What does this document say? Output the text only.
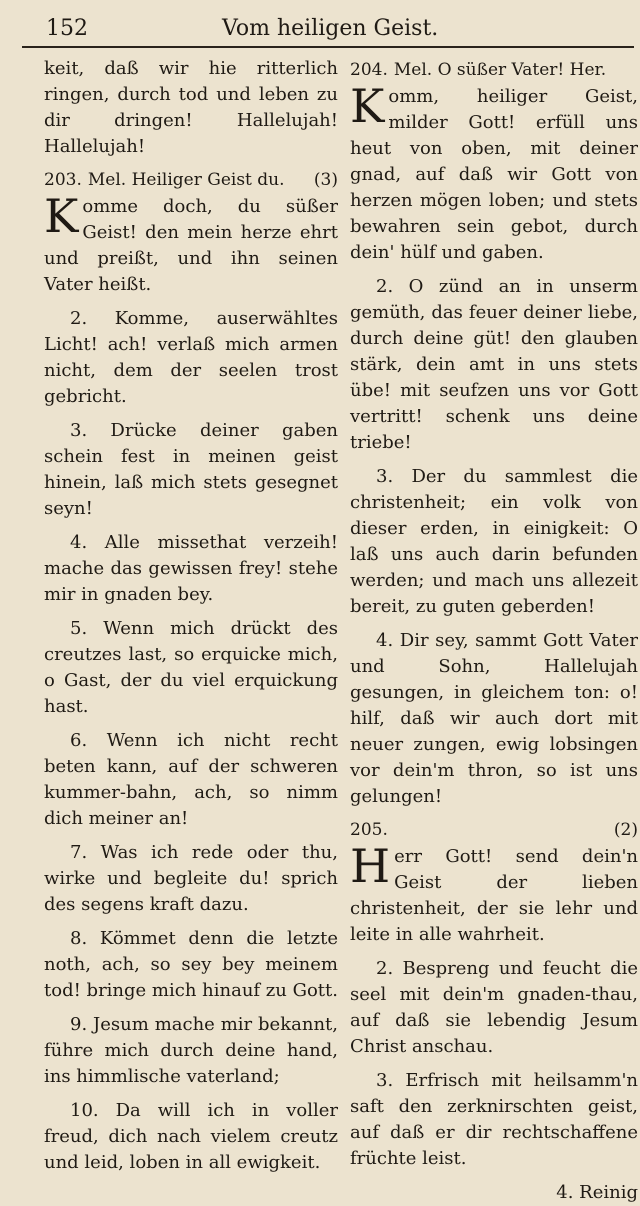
152	Vom heiligen Geist.

keit, daß wir hie ritterlich ringen, durch tod und leben zu dir dringen! Hallelujah! Hallelujah!

203. Mel. Heiliger Geist du. (3)

Komme doch, du süßer Geist! den mein herze ehrt und preißt, und ihn seinen Vater heißt.

2. Komme, auserwähltes Licht! ach! verlaß mich armen nicht, dem der seelen trost gebricht.

3. Drücke deiner gaben schein fest in meinen geist hinein, laß mich stets gesegnet seyn!

4. Alle missethat verzeih! mache das gewissen frey! stehe mir in gnaden bey.

5. Wenn mich drückt des creutzes last, so erquicke mich, o Gast, der du viel erquickung hast.

6. Wenn ich nicht recht beten kann, auf der schweren kummer-bahn, ach, so nimm dich meiner an!

7. Was ich rede oder thu, wirke und begleite du! sprich des segens kraft dazu.

8. Kömmet denn die letzte noth, ach, so sey bey meinem tod! bringe mich hinauf zu Gott.

9. Jesum mache mir bekannt, führe mich durch deine hand, ins himmlische vaterland;

10. Da will ich in voller freud, dich nach vielem creutz und leid, loben in all ewigkeit.

204. Mel. O süßer Vater! Her.

Komm, heiliger Geist, milder Gott! erfüll uns heut von oben, mit deiner gnad, auf daß wir Gott von herzen mögen loben; und stets bewahren sein gebot, durch dein' hülf und gaben.

2. O zünd an in unserm gemüth, das feuer deiner liebe, durch deine güt! den glauben stärk, dein amt in uns stets übe! mit seufzen uns vor Gott vertritt! schenk uns deine triebe!

3. Der du sammlest die christenheit; ein volk von dieser erden, in einigkeit: O laß uns auch darin befunden werden; und mach uns allezeit bereit, zu guten geberden!

4. Dir sey, sammt Gott Vater und Sohn, Hallelujah gesungen, in gleichem ton: o! hilf, daß wir auch dort mit neuer zungen, ewig lobsingen vor dein'm thron, so ist uns gelungen!

205.	(2)

Herr Gott! send dein'n Geist der lieben christenheit, der sie lehr und leite in alle wahrheit.

2. Bespreng und feucht die seel mit dein'm gnaden-thau, auf daß sie lebendig Jesum Christ anschau.

3. Erfrisch mit heilsamm'n saft den zerknirschten geist, auf daß er dir rechtschaffene früchte leist.

4. Reinig
